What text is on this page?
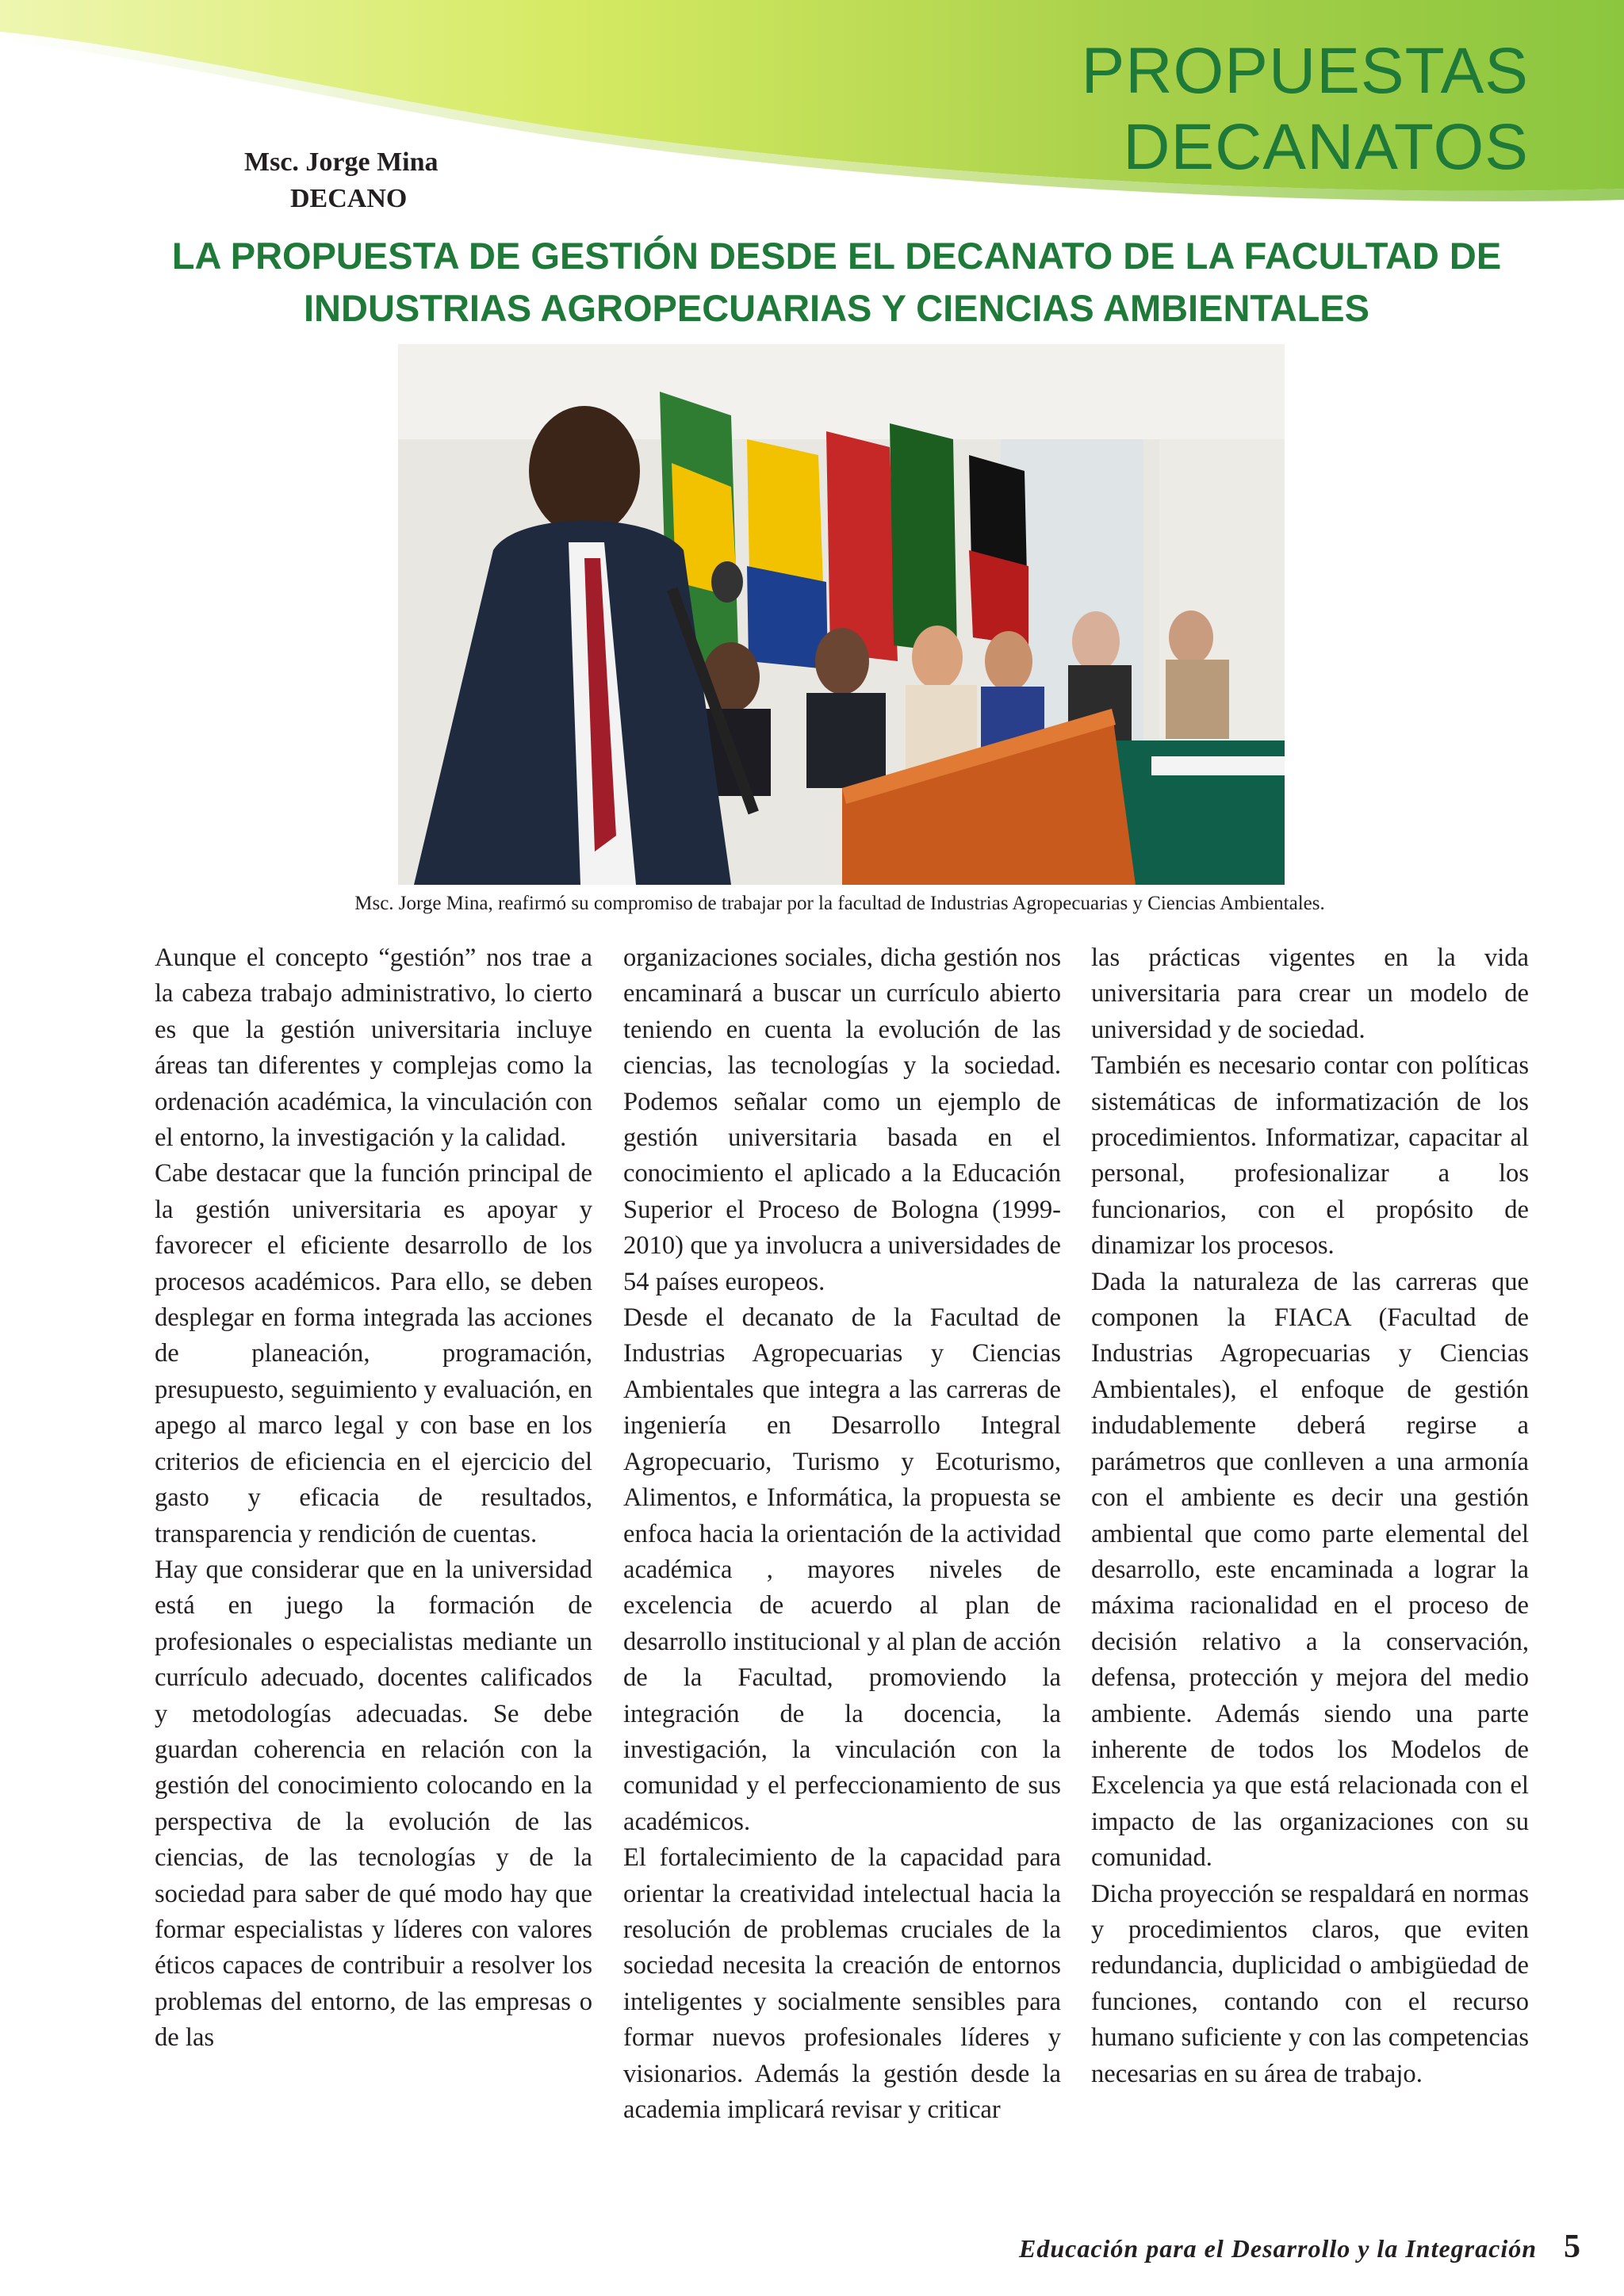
PROPUESTAS
DECANATOS
Msc. Jorge Mina
DECANO
LA PROPUESTA DE GESTIÓN DESDE EL DECANATO DE LA FACULTAD DE
INDUSTRIAS AGROPECUARIAS Y CIENCIAS AMBIENTALES
Msc. Jorge Mina, reafirmó su compromiso de trabajar por la facultad de Industrias Agropecuarias y Ciencias Ambientales.

Aunque el concepto “gestión” nos trae a la cabeza trabajo administrativo, lo cierto es que la gestión universitaria incluye áreas tan diferentes y complejas como la ordenación académica, la vinculación con el entorno, la investigación y la calidad.

Cabe destacar que la función principal de la gestión universitaria es apoyar y favorecer el eficiente desarrollo de los procesos académicos. Para ello, se deben desplegar en forma integrada las acciones de planeación, programación, presupuesto, seguimiento y evaluación, en apego al marco legal y con base en los criterios de eficiencia en el ejercicio del gasto y eficacia de resultados, transparencia y rendición de cuentas.

Hay que considerar que en la universidad está en juego la formación de profesionales o especialistas mediante un currículo adecuado, docentes calificados y metodologías adecuadas. Se debe guardan coherencia en relación con la gestión del conocimiento colocando en la perspectiva de la evolución de las ciencias, de las tecnologías y de la sociedad para saber de qué modo hay que formar especialistas y líderes con valores éticos capaces de contribuir a resolver los problemas del entorno, de las empresas o de las

organizaciones sociales, dicha gestión nos encaminará a buscar un currículo abierto teniendo en cuenta la evolución de las ciencias, las tecnologías y la sociedad. Podemos señalar como un ejemplo de gestión universitaria basada en el conocimiento el aplicado a la Educación Superior el Proceso de Bologna (1999-2010) que ya involucra a universidades de 54 países europeos.

Desde el decanato de la Facultad de Industrias Agropecuarias y Ciencias Ambientales que integra a las carreras de ingeniería en Desarrollo Integral Agropecuario, Turismo y Ecoturismo, Alimentos, e Informática, la propuesta se enfoca hacia la orientación de la actividad académica , mayores niveles de excelencia de acuerdo al plan de desarrollo institucional y al plan de acción de la Facultad, promoviendo la integración de la docencia, la investigación, la vinculación con la comunidad y el perfeccionamiento de sus académicos.

El fortalecimiento de la capacidad para orientar la creatividad intelectual hacia la resolución de problemas cruciales de la sociedad necesita la creación de entornos inteligentes y socialmente sensibles para formar nuevos profesionales líderes y visionarios. Además la gestión desde la academia implicará revisar y criticar

las prácticas vigentes en la vida universitaria para crear un modelo de universidad y de sociedad.

También es necesario contar con políticas sistemáticas de informatización de los procedimientos. Informatizar, capacitar al personal, profesionalizar a los funcionarios, con el propósito de dinamizar los procesos.

Dada la naturaleza de las carreras que componen la FIACA (Facultad de Industrias Agropecuarias y Ciencias Ambientales), el enfoque de gestión indudablemente deberá regirse a parámetros que conlleven a una armonía con el ambiente es decir una gestión ambiental que como parte elemental del desarrollo, este encaminada a lograr la máxima racionalidad en el proceso de decisión relativo a la conservación, defensa, protección y mejora del medio ambiente. Además siendo una parte inherente de todos los Modelos de Excelencia ya que está relacionada con el impacto de las organizaciones con su comunidad.

Dicha proyección se respaldará en normas y procedimientos claros, que eviten redundancia, duplicidad o ambigüedad de funciones, contando con el recurso humano suficiente y con las competencias necesarias en su área de trabajo.

Educación para el Desarrollo y la Integración 5
